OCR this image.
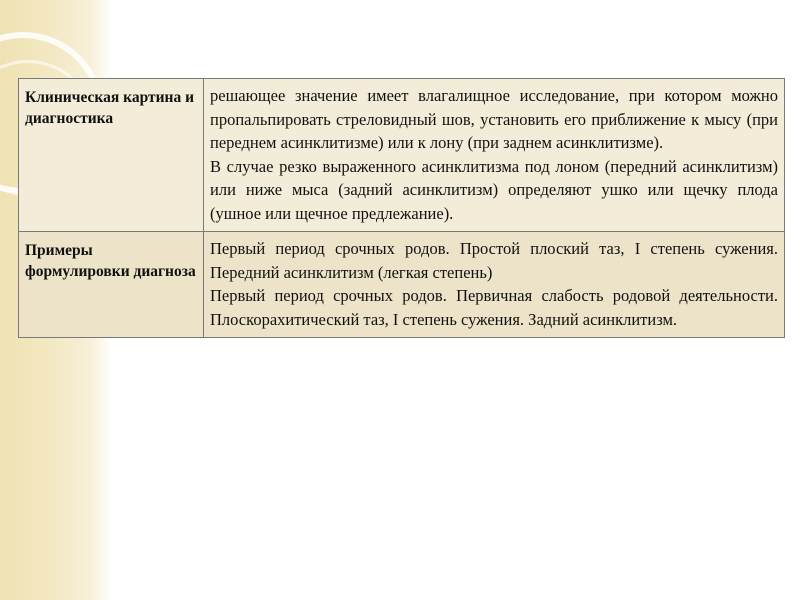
Клиническая картина и диагностика	решающее значение имеет влагалищное исследование, при котором можно пропальпировать стреловидный шов, установить его приближение к мысу (при переднем асинклитизме) или к лону (при заднем асинклитизме).

В случае резко выраженного асинклитизма под лоном (передний асинклитизм) или ниже мыса (задний асинклитизм) определяют ушко или щечку плода (ушное или щечное предлежание).

Примеры формулировки диагноза	Первый период срочных родов. Простой плоский таз, I степень сужения. Передний асинклитизм (легкая степень)

Первый период срочных родов. Первичная слабость родовой деятельности. Плоскорахитический таз, I степень сужения. Задний асинклитизм.
